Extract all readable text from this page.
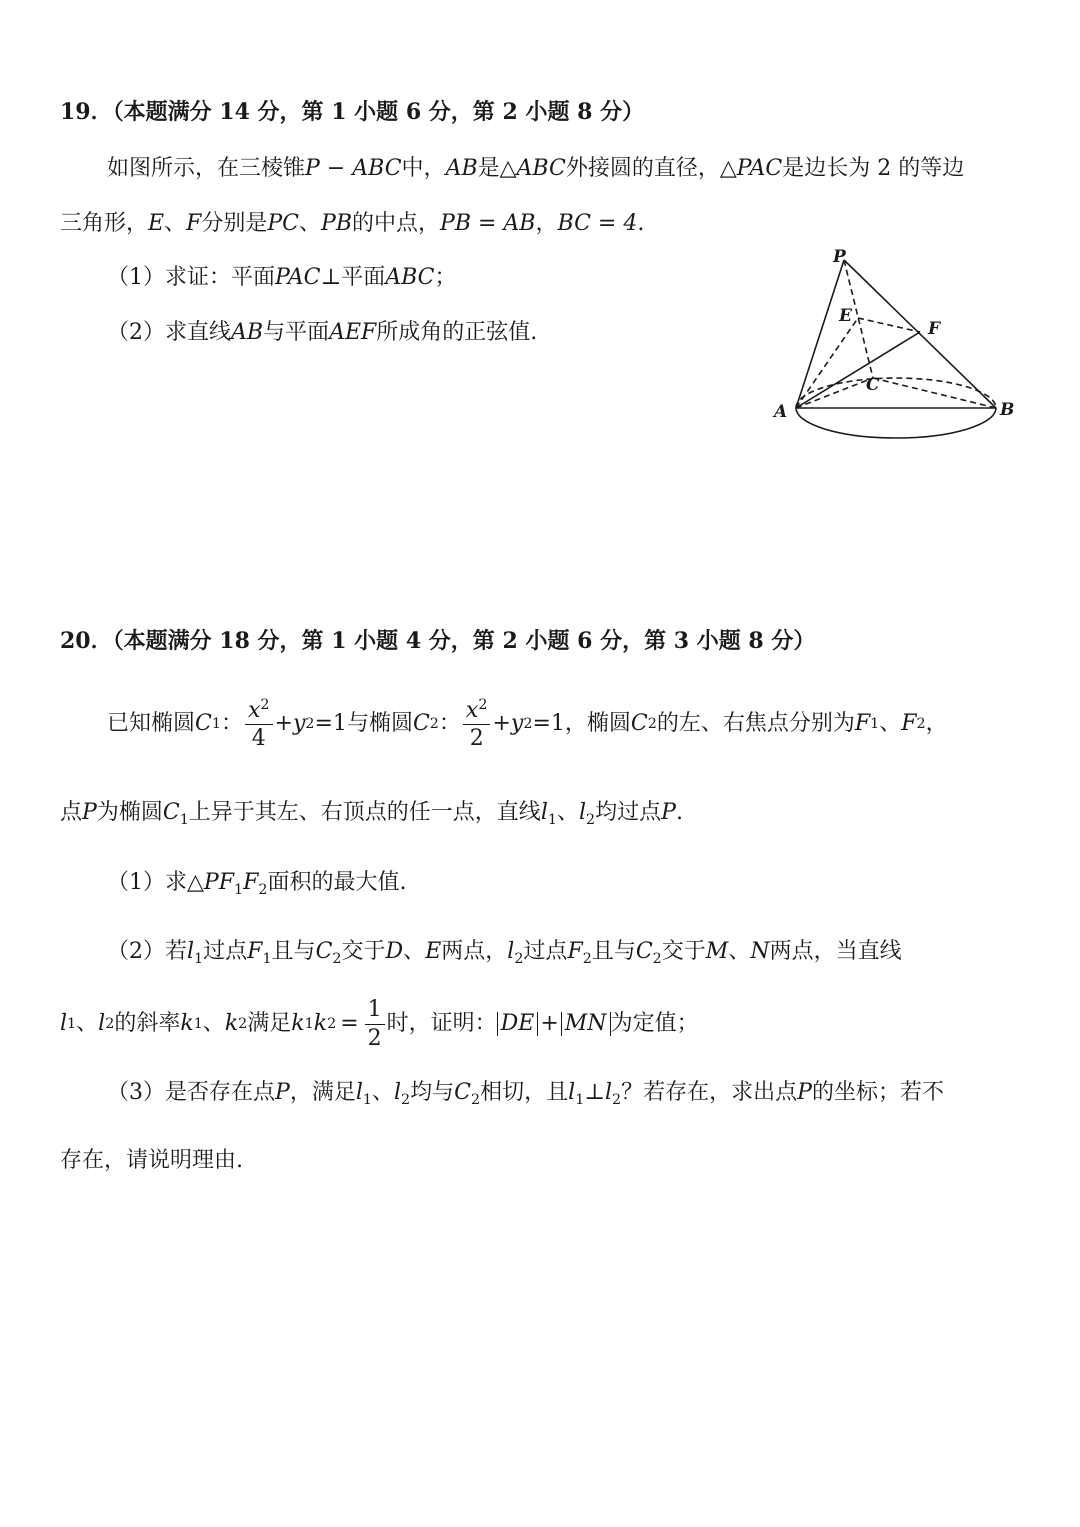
19．（本题满分 14 分，第 1 小题 6 分，第 2 小题 8 分）
如图所示，在三棱锥P − ABC中，AB是△ABC外接圆的直径，△PAC是边长为 2 的等边
三角形，E、F分别是PC、PB的中点，PB = AB，BC = 4.
（1）求证：平面PAC⊥平面ABC；
（2）求直线AB与平面AEF所成角的正弦值.
P
E
F
C
A	B
20．（本题满分 18 分，第 1 小题 4 分，第 2 小题 6 分，第 3 小题 8 分）
已知椭圆 C 1 ： $\frac{x^2}{4} + y$ 2 =1 与椭圆 C 2 ： $\frac{x^2}{2} + y$ 2 =1 ，椭圆 C 2 的左、右焦点分别为 F 1 、 F 2 ，
点P为椭圆$C_1$上异于其左、右顶点的任一点，直线$l_1$、$l_2$均过点P.
（1）求$\triangle PF_1F_2$面积的最大值.
（2）若$l_1$过点$F_1$且与$C_2$交于D、E两点，$l_2$过点$F_2$且与$C_2$交于M、N两点，当直线
l 1 、 l 2 的斜率 k 1 、 k 2 满足 k 1 k $2 = \frac{1}{2}$ 时，证明： DE + MN 为定值；
（3）是否存在点P，满足$l_1$、$l_2$均与$C_2$相切，且$l_1\perp l_2$？若存在，求出点P的坐标；若不
存在，请说明理由.
